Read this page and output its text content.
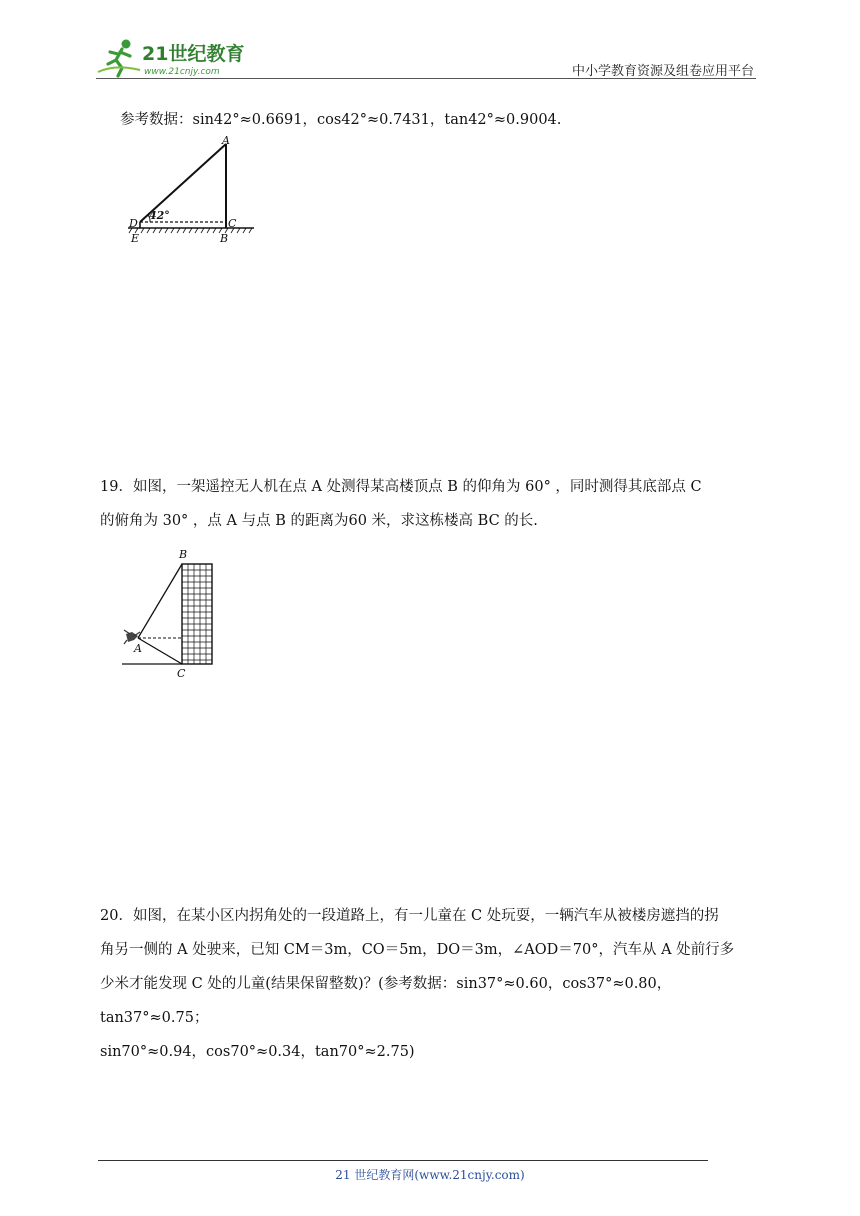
21世纪教育
www.21cnjy.com	中小学教育资源及组卷应用平台
参考数据：sin42°≈0.6691，cos42°≈0.7431，tan42°≈0.9004.
A
42°
D	C
E	B
19．如图，一架遥控无人机在点 A 处测得某高楼顶点 B 的仰角为 60° ，同时测得其底部点 C
的俯角为 30° ，点 A 与点 B 的距离为60 米，求这栋楼高 BC 的长.
B
A
C
20．如图，在某小区内拐角处的一段道路上，有一儿童在 C 处玩耍，一辆汽车从被楼房遮挡的拐
角另一侧的 A 处驶来，已知 CM＝3m，CO＝5m，DO＝3m，∠AOD＝70°，汽车从 A 处前行多
少米才能发现 C 处的儿童(结果保留整数)？(参考数据：sin37°≈0.60，cos37°≈0.80，tan37°≈0.75；
sin70°≈0.94，cos70°≈0.34，tan70°≈2.75)
21 世纪教育网(www.21cnjy.com)
